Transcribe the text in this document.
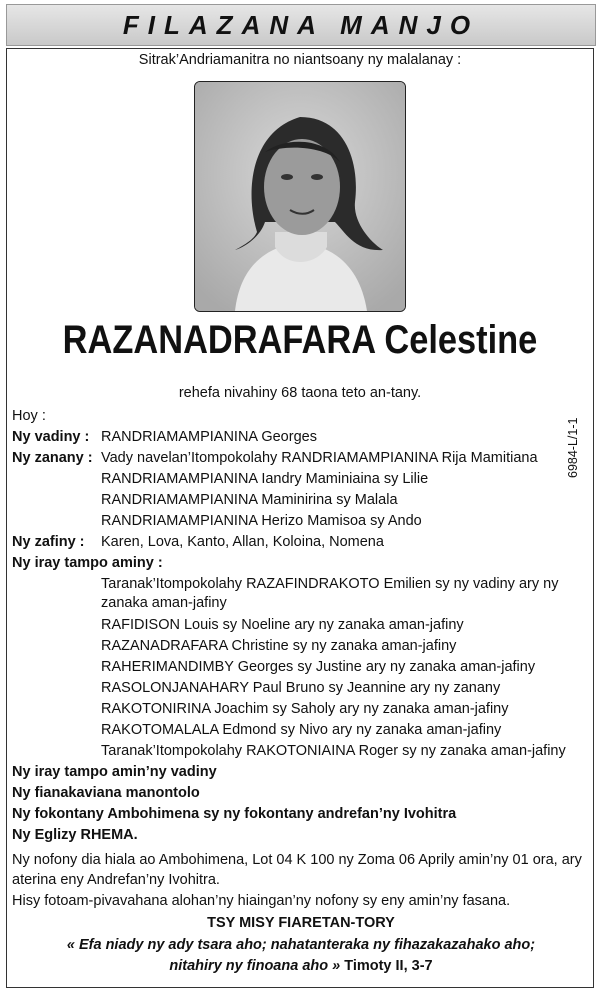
FILAZANA MANJO
Sitrak’Andriamanitra no niantsoany ny malalanay :
RAZANADRAFARA Celestine
rehefa nivahiny 68 taona teto an-tany.
6984-L/1-1
Hoy :
Ny vadiny : RANDRIAMAMPIANINA Georges
Ny zanany : Vady navelan’Itompokolahy RANDRIAMAMPIANINA Rija Mamitiana
RANDRIAMAMPIANINA Iandry Maminiaina sy Lilie
RANDRIAMAMPIANINA Maminirina sy Malala
RANDRIAMAMPIANINA Herizo Mamisoa sy Ando
Ny zafiny : Karen, Lova, Kanto, Allan, Koloina, Nomena
Ny iray tampo aminy :
Taranak’Itompokolahy RAZAFINDRAKOTO Emilien sy ny vadiny ary ny zanaka aman-jafiny
RAFIDISON Louis sy Noeline ary ny zanaka aman-jafiny
RAZANADRAFARA Christine sy ny zanaka aman-jafiny
RAHERIMANDIMBY Georges sy Justine ary ny zanaka aman-jafiny
RASOLONJANAHARY Paul Bruno sy Jeannine ary ny zanany
RAKOTONIRINA Joachim sy Saholy ary ny zanaka aman-jafiny
RAKOTOMALALA Edmond sy Nivo ary ny zanaka aman-jafiny
Taranak’Itompokolahy RAKOTONIAINA Roger sy ny zanaka aman-jafiny
Ny iray tampo amin’ny vadiny
Ny fianakaviana manontolo
Ny fokontany Ambohimena sy ny fokontany andrefan’ny Ivohitra
Ny Eglizy RHEMA.
Ny nofony dia hiala ao Ambohimena, Lot 04 K 100 ny Zoma 06 Aprily amin’ny 01 ora, ary aterina eny Andrefan’ny Ivohitra.
Hisy fotoam-pivavahana alohan’ny hiaingan’ny nofony sy eny amin’ny fasana.
TSY MISY FIARETAN-TORY
« Efa niady ny ady tsara aho; nahatanteraka ny fihazakazahako aho;
nitahiry ny finoana aho » Timoty II, 3-7
